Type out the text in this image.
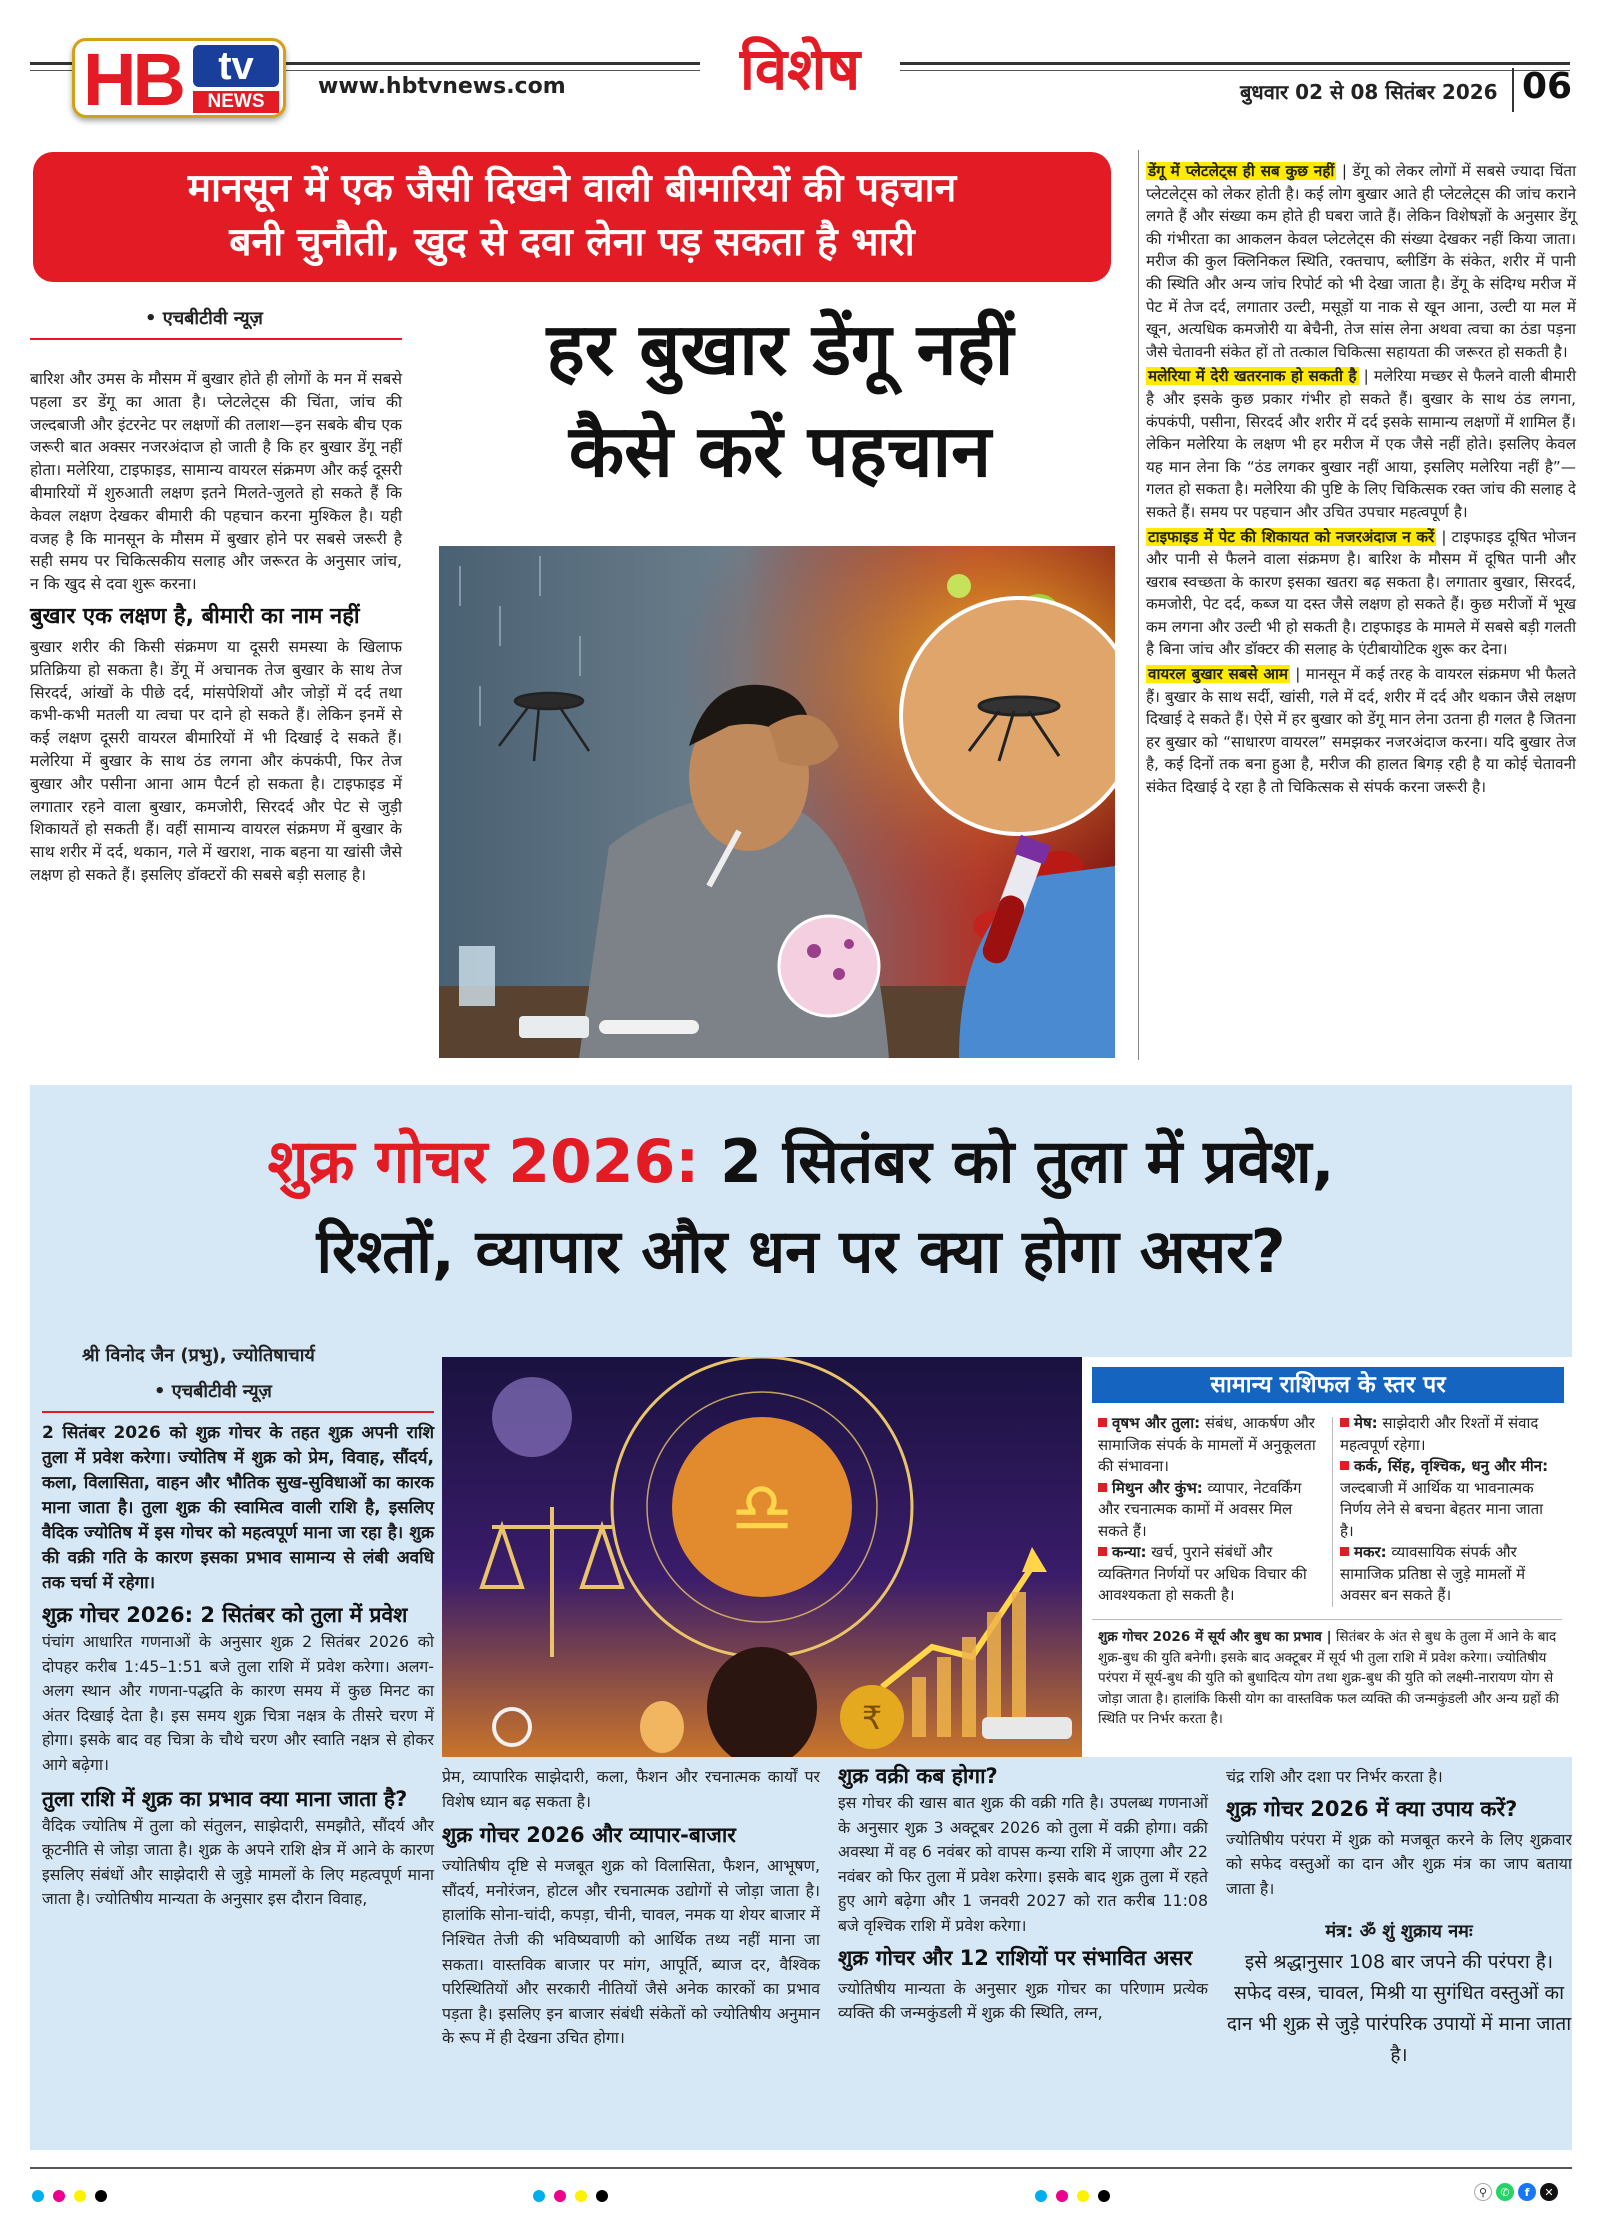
HB tv
NEWS
www.hbtvnews.com	विशेष	बुधवार 02 से 08 सितंबर 2026 06
मानसून में एक जैसी दिखने वाली बीमारियों की पहचान
बनी चुनौती, खुद से दवा लेना पड़ सकता है भारी
• एचबीटीवी न्यूज़	हर बुखार डेंगू नहीं
कैसे करें पहचान

बारिश और उमस के मौसम में बुखार होते ही लोगों के मन में सबसे पहला डर डेंगू का आता है। प्लेटलेट्स की चिंता, जांच की जल्दबाजी और इंटरनेट पर लक्षणों की तलाश—इन सबके बीच एक जरूरी बात अक्सर नजरअंदाज हो जाती है कि हर बुखार डेंगू नहीं होता। मलेरिया, टाइफाइड, सामान्य वायरल संक्रमण और कई दूसरी बीमारियों में शुरुआती लक्षण इतने मिलते-जुलते हो सकते हैं कि केवल लक्षण देखकर बीमारी की पहचान करना मुश्किल है। यही वजह है कि मानसून के मौसम में बुखार होने पर सबसे जरूरी है सही समय पर चिकित्सकीय सलाह और जरूरत के अनुसार जांच, न कि खुद से दवा शुरू करना।

बुखार एक लक्षण है, बीमारी का नाम नहीं

बुखार शरीर की किसी संक्रमण या दूसरी समस्या के खिलाफ प्रतिक्रिया हो सकता है। डेंगू में अचानक तेज बुखार के साथ तेज सिरदर्द, आंखों के पीछे दर्द, मांसपेशियों और जोड़ों में दर्द तथा कभी-कभी मतली या त्वचा पर दाने हो सकते हैं। लेकिन इनमें से कई लक्षण दूसरी वायरल बीमारियों में भी दिखाई दे सकते हैं। मलेरिया में बुखार के साथ ठंड लगना और कंपकंपी, फिर तेज बुखार और पसीना आना आम पैटर्न हो सकता है। टाइफाइड में लगातार रहने वाला बुखार, कमजोरी, सिरदर्द और पेट से जुड़ी शिकायतें हो सकती हैं। वहीं सामान्य वायरल संक्रमण में बुखार के साथ शरीर में दर्द, थकान, गले में खराश, नाक बहना या खांसी जैसे लक्षण हो सकते हैं। इसलिए डॉक्टरों की सबसे बड़ी सलाह है।

डेंगू में प्लेटलेट्स ही सब कुछ नहीं | डेंगू को लेकर लोगों में सबसे ज्यादा चिंता प्लेटलेट्स को लेकर होती है। कई लोग बुखार आते ही प्लेटलेट्स की जांच कराने लगते हैं और संख्या कम होते ही घबरा जाते हैं। लेकिन विशेषज्ञों के अनुसार डेंगू की गंभीरता का आकलन केवल प्लेटलेट्स की संख्या देखकर नहीं किया जाता। मरीज की कुल क्लिनिकल स्थिति, रक्तचाप, ब्लीडिंग के संकेत, शरीर में पानी की स्थिति और अन्य जांच रिपोर्ट को भी देखा जाता है। डेंगू के संदिग्ध मरीज में पेट में तेज दर्द, लगातार उल्टी, मसूड़ों या नाक से खून आना, उल्टी या मल में खून, अत्यधिक कमजोरी या बेचैनी, तेज सांस लेना अथवा त्वचा का ठंडा पड़ना जैसे चेतावनी संकेत हों तो तत्काल चिकित्सा सहायता की जरूरत हो सकती है।

मलेरिया में देरी खतरनाक हो सकती है | मलेरिया मच्छर से फैलने वाली बीमारी है और इसके कुछ प्रकार गंभीर हो सकते हैं। बुखार के साथ ठंड लगना, कंपकंपी, पसीना, सिरदर्द और शरीर में दर्द इसके सामान्य लक्षणों में शामिल हैं। लेकिन मलेरिया के लक्षण भी हर मरीज में एक जैसे नहीं होते। इसलिए केवल यह मान लेना कि “ठंड लगकर बुखार नहीं आया, इसलिए मलेरिया नहीं है”—गलत हो सकता है। मलेरिया की पुष्टि के लिए चिकित्सक रक्त जांच की सलाह दे सकते हैं। समय पर पहचान और उचित उपचार महत्वपूर्ण है।

टाइफाइड में पेट की शिकायत को नजरअंदाज न करें | टाइफाइड दूषित भोजन और पानी से फैलने वाला संक्रमण है। बारिश के मौसम में दूषित पानी और खराब स्वच्छता के कारण इसका खतरा बढ़ सकता है। लगातार बुखार, सिरदर्द, कमजोरी, पेट दर्द, कब्ज या दस्त जैसे लक्षण हो सकते हैं। कुछ मरीजों में भूख कम लगना और उल्टी भी हो सकती है। टाइफाइड के मामले में सबसे बड़ी गलती है बिना जांच और डॉक्टर की सलाह के एंटीबायोटिक शुरू कर देना।

वायरल बुखार सबसे आम | मानसून में कई तरह के वायरल संक्रमण भी फैलते हैं। बुखार के साथ सर्दी, खांसी, गले में दर्द, शरीर में दर्द और थकान जैसे लक्षण दिखाई दे सकते हैं। ऐसे में हर बुखार को डेंगू मान लेना उतना ही गलत है जितना हर बुखार को “साधारण वायरल” समझकर नजरअंदाज करना। यदि बुखार तेज है, कई दिनों तक बना हुआ है, मरीज की हालत बिगड़ रही है या कोई चेतावनी संकेत दिखाई दे रहा है तो चिकित्सक से संपर्क करना जरूरी है।

शुक्र गोचर 2026: 2 सितंबर को तुला में प्रवेश,
रिश्तों, व्यापार और धन पर क्या होगा असर?
श्री विनोद जैन (प्रभु), ज्योतिषाचार्य
• एचबीटीवी न्यूज़

2 सितंबर 2026 को शुक्र गोचर के तहत शुक्र अपनी राशि तुला में प्रवेश करेगा। ज्योतिष में शुक्र को प्रेम, विवाह, सौंदर्य, कला, विलासिता, वाहन और भौतिक सुख-सुविधाओं का कारक माना जाता है। तुला शुक्र की स्वामित्व वाली राशि है, इसलिए वैदिक ज्योतिष में इस गोचर को महत्वपूर्ण माना जा रहा है। शुक्र की वक्री गति के कारण इसका प्रभाव सामान्य से लंबी अवधि तक चर्चा में रहेगा।

शुक्र गोचर 2026: 2 सितंबर को तुला में प्रवेश

पंचांग आधारित गणनाओं के अनुसार शुक्र 2 सितंबर 2026 को दोपहर करीब 1:45–1:51 बजे तुला राशि में प्रवेश करेगा। अलग-अलग स्थान और गणना-पद्धति के कारण समय में कुछ मिनट का अंतर दिखाई देता है। इस समय शुक्र चित्रा नक्षत्र के तीसरे चरण में होगा। इसके बाद वह चित्रा के चौथे चरण और स्वाति नक्षत्र से होकर आगे बढ़ेगा।

तुला राशि में शुक्र का प्रभाव क्या माना जाता है?

वैदिक ज्योतिष में तुला को संतुलन, साझेदारी, समझौते, सौंदर्य और कूटनीति से जोड़ा जाता है। शुक्र के अपने राशि क्षेत्र में आने के कारण इसलिए संबंधों और साझेदारी से जुड़े मामलों के लिए महत्वपूर्ण माना जाता है। ज्योतिषीय मान्यता के अनुसार इस दौरान विवाह,

♎
₹
सामान्य राशिफल के स्तर पर

वृषभ और तुला: संबंध, आकर्षण और सामाजिक संपर्क के मामलों में अनुकूलता की संभावना।

मिथुन और कुंभ: व्यापार, नेटवर्किंग और रचनात्मक कामों में अवसर मिल सकते हैं।

कन्या: खर्च, पुराने संबंधों और व्यक्तिगत निर्णयों पर अधिक विचार की आवश्यकता हो सकती है।

मेष: साझेदारी और रिश्तों में संवाद महत्वपूर्ण रहेगा।

कर्क, सिंह, वृश्चिक, धनु और मीन: जल्दबाजी में आर्थिक या भावनात्मक निर्णय लेने से बचना बेहतर माना जाता है।

मकर: व्यावसायिक संपर्क और सामाजिक प्रतिष्ठा से जुड़े मामलों में अवसर बन सकते हैं।

शुक्र गोचर 2026 में सूर्य और बुध का प्रभाव | सितंबर के अंत से बुध के तुला में आने के बाद शुक्र-बुध की युति बनेगी। इसके बाद अक्टूबर में सूर्य भी तुला राशि में प्रवेश करेगा। ज्योतिषीय परंपरा में सूर्य-बुध की युति को बुधादित्य योग तथा शुक्र-बुध की युति को लक्ष्मी-नारायण योग से जोड़ा जाता है। हालांकि किसी योग का वास्तविक फल व्यक्ति की जन्मकुंडली और अन्य ग्रहों की स्थिति पर निर्भर करता है।

प्रेम, व्यापारिक साझेदारी, कला, फैशन और रचनात्मक कार्यों पर विशेष ध्यान बढ़ सकता है।

शुक्र गोचर 2026 और व्यापार-बाजार

ज्योतिषीय दृष्टि से मजबूत शुक्र को विलासिता, फैशन, आभूषण, सौंदर्य, मनोरंजन, होटल और रचनात्मक उद्योगों से जोड़ा जाता है। हालांकि सोना-चांदी, कपड़ा, चीनी, चावल, नमक या शेयर बाजार में निश्चित तेजी की भविष्यवाणी को आर्थिक तथ्य नहीं माना जा सकता। वास्तविक बाजार पर मांग, आपूर्ति, ब्याज दर, वैश्विक परिस्थितियों और सरकारी नीतियों जैसे अनेक कारकों का प्रभाव पड़ता है। इसलिए इन बाजार संबंधी संकेतों को ज्योतिषीय अनुमान के रूप में ही देखना उचित होगा।

शुक्र वक्री कब होगा?

इस गोचर की खास बात शुक्र की वक्री गति है। उपलब्ध गणनाओं के अनुसार शुक्र 3 अक्टूबर 2026 को तुला में वक्री होगा। वक्री अवस्था में वह 6 नवंबर को वापस कन्या राशि में जाएगा और 22 नवंबर को फिर तुला में प्रवेश करेगा। इसके बाद शुक्र तुला में रहते हुए आगे बढ़ेगा और 1 जनवरी 2027 को रात करीब 11:08 बजे वृश्चिक राशि में प्रवेश करेगा।

शुक्र गोचर और 12 राशियों पर संभावित असर

ज्योतिषीय मान्यता के अनुसार शुक्र गोचर का परिणाम प्रत्येक व्यक्ति की जन्मकुंडली में शुक्र की स्थिति, लग्न,

चंद्र राशि और दशा पर निर्भर करता है।

शुक्र गोचर 2026 में क्या उपाय करें?

ज्योतिषीय परंपरा में शुक्र को मजबूत करने के लिए शुक्रवार को सफेद वस्तुओं का दान और शुक्र मंत्र का जाप बताया जाता है।

मंत्र: ॐ शुं शुक्राय नमः
इसे श्रद्धानुसार 108 बार जपने की परंपरा है। सफेद वस्त्र, चावल, मिश्री या सुगंधित वस्तुओं का दान भी शुक्र से जुड़े पारंपरिक उपायों में माना जाता है।
⚲	✆	f	✕
